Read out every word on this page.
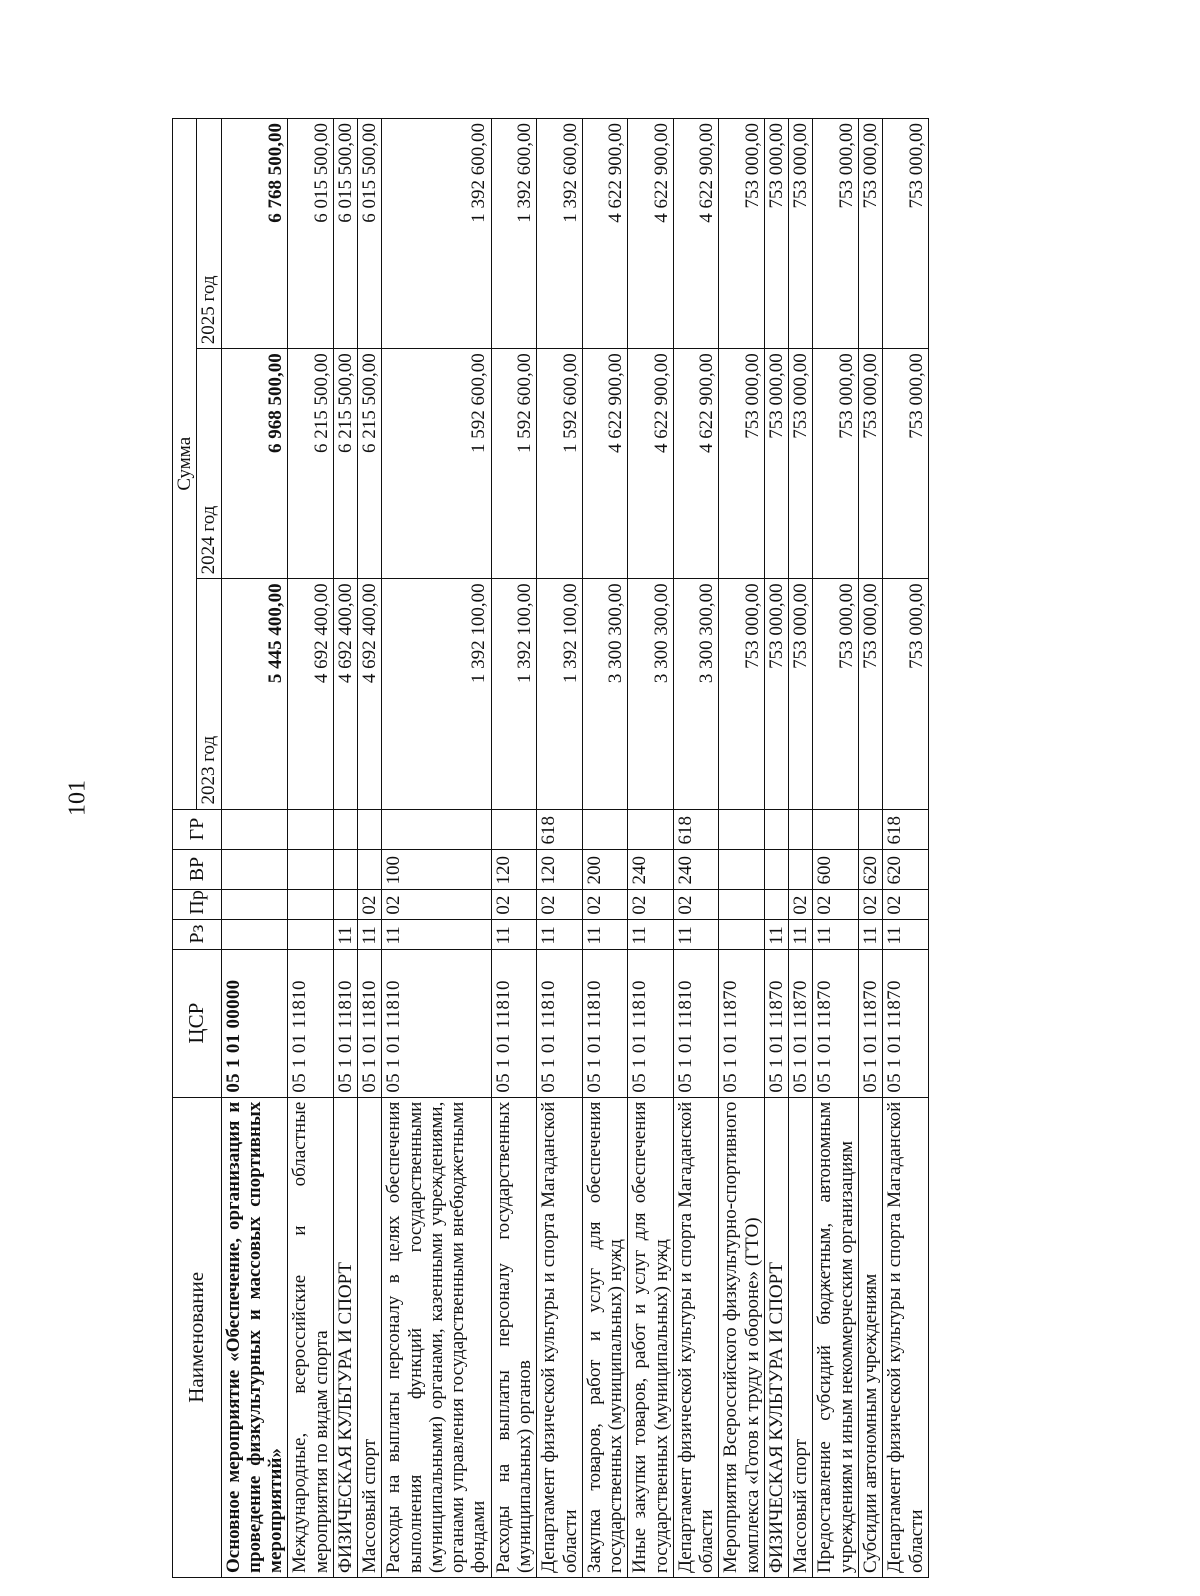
101
Наименование	ЦСР	Рз	Пр	ВР	ГР	Сумма		
						2023 год	2024 год	2025 год
Основное мероприятие «Обеспечение, организация и проведение физкультурных и массовых спортивных мероприятий»	05 1 01 00000					5 445 400,00	6 968 500,00	6 768 500,00
Международные, всероссийские и областные мероприятия по видам спорта	05 1 01 11810					4 692 400,00	6 215 500,00	6 015 500,00
ФИЗИЧЕСКАЯ КУЛЬТУРА И СПОРТ	05 1 01 11810	11				4 692 400,00	6 215 500,00	6 015 500,00
Массовый спорт	05 1 01 11810	11	02			4 692 400,00	6 215 500,00	6 015 500,00
Расходы на выплаты персоналу в целях обеспечения выполнения функций государственными (муниципальными) органами, казенными учреждениями, органами управления государственными внебюджетными фондами	05 1 01 11810	11	02	100		1 392 100,00	1 592 600,00	1 392 600,00
Расходы на выплаты персоналу государственных (муниципальных) органов	05 1 01 11810	11	02	120		1 392 100,00	1 592 600,00	1 392 600,00
Департамент физической культуры и спорта Магаданской области	05 1 01 11810	11	02	120	618	1 392 100,00	1 592 600,00	1 392 600,00
Закупка товаров, работ и услуг для обеспечения государственных (муниципальных) нужд	05 1 01 11810	11	02	200		3 300 300,00	4 622 900,00	4 622 900,00
Иные закупки товаров, работ и услуг для обеспечения государственных (муниципальных) нужд	05 1 01 11810	11	02	240		3 300 300,00	4 622 900,00	4 622 900,00
Департамент физической культуры и спорта Магаданской области	05 1 01 11810	11	02	240	618	3 300 300,00	4 622 900,00	4 622 900,00
Мероприятия Всероссийского физкультурно-спортивного комплекса «Готов к труду и обороне» (ГТО)	05 1 01 11870					753 000,00	753 000,00	753 000,00
ФИЗИЧЕСКАЯ КУЛЬТУРА И СПОРТ	05 1 01 11870	11				753 000,00	753 000,00	753 000,00
Массовый спорт	05 1 01 11870	11	02			753 000,00	753 000,00	753 000,00
Предоставление субсидий бюджетным, автономным учреждениям и иным некоммерческим организациям	05 1 01 11870	11	02	600		753 000,00	753 000,00	753 000,00
Субсидии автономным учреждениям	05 1 01 11870	11	02	620		753 000,00	753 000,00	753 000,00
Департамент физической культуры и спорта Магаданской области	05 1 01 11870	11	02	620	618	753 000,00	753 000,00	753 000,00
